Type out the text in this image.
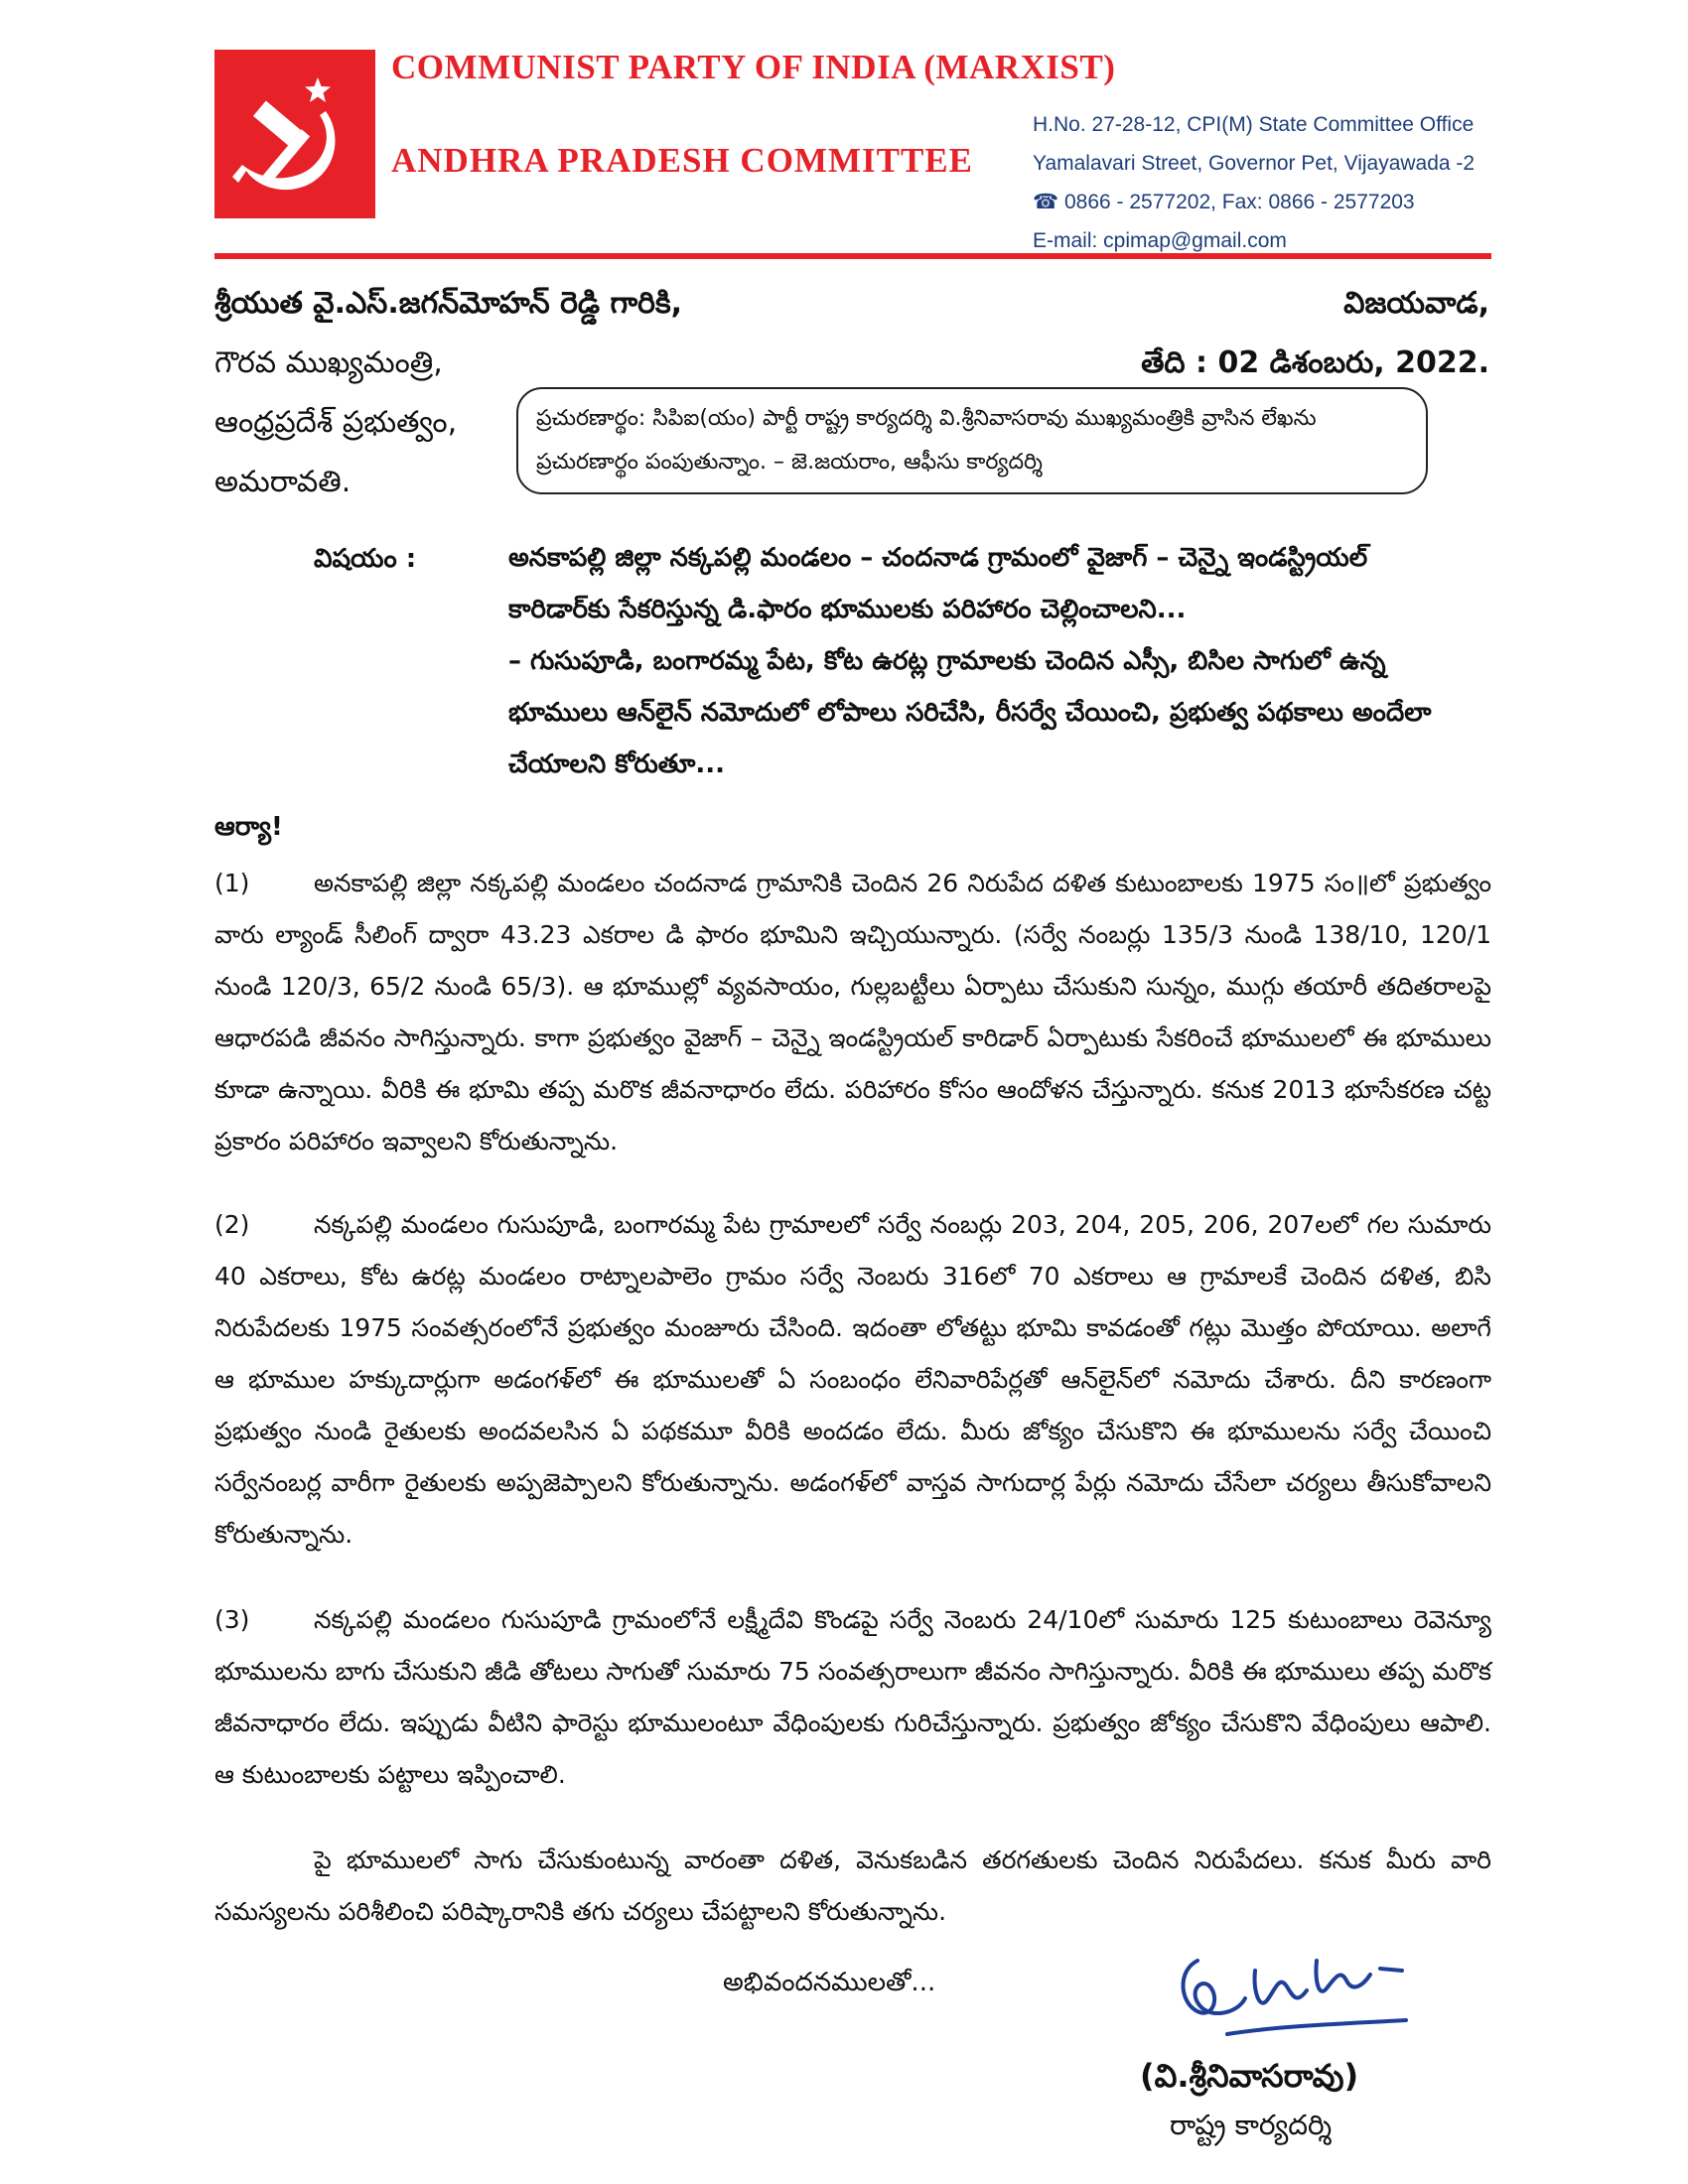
COMMUNIST PARTY OF INDIA (MARXIST)
ANDHRA PRADESH COMMITTEE
H.No. 27-28-12, CPI(M) State Committee Office
Yamalavari Street, Governor Pet, Vijayawada -2
☎ 0866 - 2577202, Fax: 0866 - 2577203
E-mail: cpimap@gmail.com
శ్రీయుత వై.ఎస్.జగన్‌మోహన్ రెడ్డి గారికి,
గౌరవ ముఖ్యమంత్రి,
ఆంధ్రప్రదేశ్ ప్రభుత్వం,
అమరావతి.
విజయవాడ,
తేది : 02 డిశంబరు, 2022.
ప్రచురణార్థం: సిపిఐ(యం) పార్టీ రాష్ట్ర కార్యదర్శి వి.శ్రీనివాసరావు ముఖ్యమంత్రికి వ్రాసిన లేఖను ప్రచురణార్థం పంపుతున్నాం. – జె.జయరాం, ఆఫీసు కార్యదర్శి
విషయం :	అనకాపల్లి జిల్లా నక్కపల్లి మండలం – చందనాడ గ్రామంలో వైజాగ్ – చెన్నై ఇండస్ట్రియల్
కారిడార్‌కు సేకరిస్తున్న డి.ఫారం భూములకు పరిహారం చెల్లించాలని...
– గుసుపూడి, బంగారమ్మ పేట, కోట ఉరట్ల గ్రామాలకు చెందిన ఎస్సీ, బిసిల సాగులో ఉన్న
భూములు ఆన్‌లైన్ నమోదులో లోపాలు సరిచేసి, రీసర్వే చేయించి, ప్రభుత్వ పథకాలు అందేలా
చేయాలని కోరుతూ...
ఆర్యా!
(1)	అనకాపల్లి జిల్లా నక్కపల్లి మండలం చందనాడ గ్రామానికి చెందిన 26 నిరుపేద దళిత కుటుంబాలకు 1975 సం॥లో ప్రభుత్వం వారు ల్యాండ్ సీలింగ్ ద్వారా 43.23 ఎకరాల డి ఫారం భూమిని ఇచ్చియున్నారు. (సర్వే నంబర్లు 135/3 నుండి 138/10, 120/1 నుండి 120/3, 65/2 నుండి 65/3). ఆ భూముల్లో వ్యవసాయం, గుల్లబట్టీలు ఏర్పాటు చేసుకుని సున్నం, ముగ్గు తయారీ తదితరాలపై ఆధారపడి జీవనం సాగిస్తున్నారు. కాగా ప్రభుత్వం వైజాగ్ – చెన్నై ఇండస్ట్రియల్ కారిడార్ ఏర్పాటుకు సేకరించే భూములలో ఈ భూములు కూడా ఉన్నాయి. వీరికి ఈ భూమి తప్ప మరొక జీవనాధారం లేదు. పరిహారం కోసం ఆందోళన చేస్తున్నారు. కనుక 2013 భూసేకరణ చట్ట ప్రకారం పరిహారం ఇవ్వాలని కోరుతున్నాను.
(2)	నక్కపల్లి మండలం గుసుపూడి, బంగారమ్మ పేట గ్రామాలలో సర్వే నంబర్లు 203, 204, 205, 206, 207లలో గల సుమారు 40 ఎకరాలు, కోట ఉరట్ల మండలం రాట్నాలపాలెం గ్రామం సర్వే నెంబరు 316లో 70 ఎకరాలు ఆ గ్రామాలకే చెందిన దళిత, బిసి నిరుపేదలకు 1975 సంవత్సరంలోనే ప్రభుత్వం మంజూరు చేసింది. ఇదంతా లోతట్టు భూమి కావడంతో గట్లు మొత్తం పోయాయి. అలాగే ఆ భూముల హక్కుదార్లుగా అడంగళ్‌లో ఈ భూములతో ఏ సంబంధం లేనివారిపేర్లతో ఆన్‌లైన్‌లో నమోదు చేశారు. దీని కారణంగా ప్రభుత్వం నుండి రైతులకు అందవలసిన ఏ పథకమూ వీరికి అందడం లేదు. మీరు జోక్యం చేసుకొని ఈ భూములను సర్వే చేయించి సర్వేనంబర్ల వారీగా రైతులకు అప్పజెప్పాలని కోరుతున్నాను. అడంగళ్‌లో వాస్తవ సాగుదార్ల పేర్లు నమోదు చేసేలా చర్యలు తీసుకోవాలని కోరుతున్నాను.
(3)	నక్కపల్లి మండలం గుసుపూడి గ్రామంలోనే లక్ష్మీదేవి కొండపై సర్వే నెంబరు 24/10లో సుమారు 125 కుటుంబాలు రెవెన్యూ భూములను బాగు చేసుకుని జీడి తోటలు సాగుతో సుమారు 75 సంవత్సరాలుగా జీవనం సాగిస్తున్నారు. వీరికి ఈ భూములు తప్ప మరొక జీవనాధారం లేదు. ఇప్పుడు వీటిని ఫారెస్టు భూములంటూ వేధింపులకు గురిచేస్తున్నారు. ప్రభుత్వం జోక్యం చేసుకొని వేధింపులు ఆపాలి. ఆ కుటుంబాలకు పట్టాలు ఇప్పించాలి.
పై భూములలో సాగు చేసుకుంటున్న వారంతా దళిత, వెనుకబడిన తరగతులకు చెందిన నిరుపేదలు. కనుక మీరు వారి సమస్యలను పరిశీలించి పరిష్కారానికి తగు చర్యలు చేపట్టాలని కోరుతున్నాను.
అభివందనములతో...
(వి.శ్రీనివాసరావు)
రాష్ట్ర కార్యదర్శి
